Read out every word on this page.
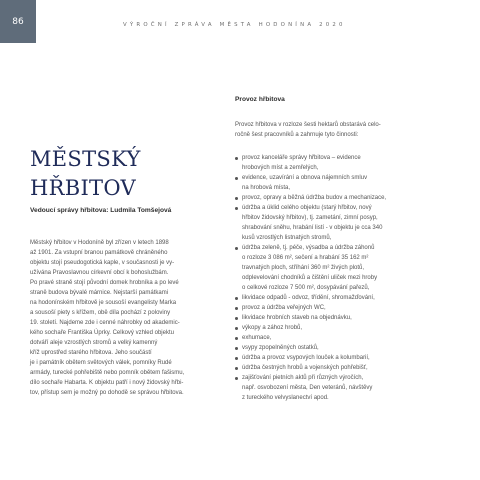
86	VÝROČNÍ ZPRÁVA MĚSTA HODONÍNA 2020
MĚSTSKÝ
HŘBITOV
Vedoucí správy hřbitova: Ludmila Tomšejová
Městský hřbitov v Hodoníně byl zřízen v letech 1898
až 1901. Za vstupní branou památkově chráněného
objektu stojí pseudogotická kaple, v současnosti je vy-
užívána Pravoslavnou církevní obcí k bohoslužbám.
Po pravé straně stojí původní domek hrobníka a po levé
straně budova bývalé márnice. Nejstarší památkami
na hodonínském hřbitově je sousoší evangelisty Marka
a sousoší piety s křížem, obě díla pochází z poloviny
19. století. Najdeme zde i cenné náhrobky od akademic-
kého sochaře Františka Úprky. Celkový vzhled objektu
dotváří aleje vzrostlých stromů a velký kamenný
kříž uprostřed starého hřbitova. Jeho součástí
je i památník obětem světových válek, pomníky Rudé
armády, turecké pohřebiště nebo pomník obětem fašismu,
dílo sochaře Habarta. K objektu patří i nový židovský hřbi-
tov, přístup sem je možný po dohodě se správou hřbitova.
Provoz hřbitova
Provoz hřbitova v rozloze šesti hektarů obstarává celo-
ročně šest pracovníků a zahrnuje tyto činnosti:
provoz kanceláře správy hřbitova – evidence
hrobových míst a zemřelých,
evidence, uzavírání a obnova nájemních smluv
na hrobová místa,
provoz, opravy a běžná údržba budov a mechanizace,
údržba a úklid celého objektu (starý hřbitov, nový
hřbitov židovský hřbitov), tj. zametání, zimní posyp,
shrabování sněhu, hrabání listí - v objektu je cca 340
kusů vzrostlých listnatých stromů,
údržba zeleně, tj. péče, výsadba a údržba záhonů
o rozloze 3 086 m², sečení a hrabání 35 162 m²
travnatých ploch, stříhání 360 m² živých plotů,
odplevelování chodníků a čištění uliček mezi hroby
o celkové rozloze 7 500 m², dosypávání pařezů,
likvidace odpadů - odvoz, třídění, shromažďování,
provoz a údržba veřejných WC,
likvidace hrobních staveb na objednávku,
výkopy a zához hrobů,
exhumace,
vsypy zpopelněných ostatků,
údržba a provoz vsypových louček a kolumbarií,
údržba čestných hrobů a vojenských pohřebišť,
zajišťování pietních aktů při různých výročích,
např. osvobození města, Den veteránů, návštěvy
z tureckého velvyslanectví apod.
